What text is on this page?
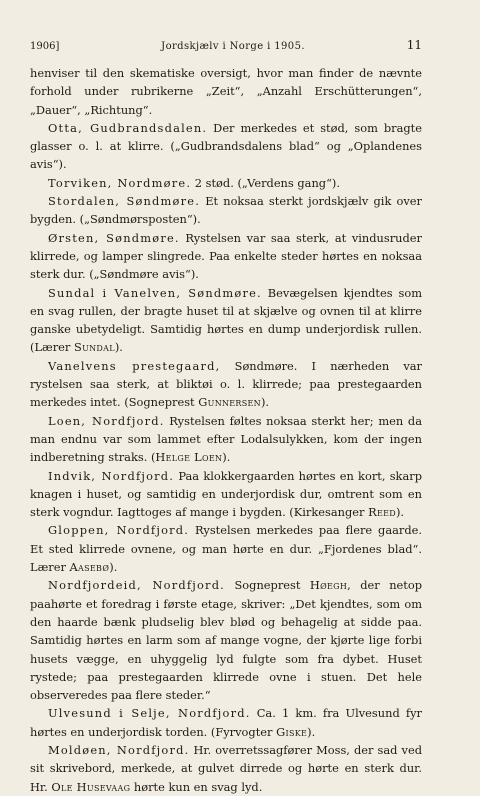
1906]	Jordskjælv i Norge i 1905.	11

henviser til den skematiske oversigt, hvor man finder de nævnte forhold under rubrikerne „Zeit“, „Anzahl Erschütterungen“, „Dauer“, „Richtung“.

Otta, Gudbrandsdalen. Der merkedes et stød, som bragte glasser o. l. at klirre. („Gudbrandsdalens blad“ og „Oplandenes avis“).

Torviken, Nordmøre. 2 stød. („Verdens gang“).

Stordalen, Søndmøre. Et noksaa sterkt jordskjælv gik over bygden. („Søndmørsposten“).

Ørsten, Søndmøre. Rystelsen var saa sterk, at vindusruder klirrede, og lamper slingrede. Paa enkelte steder hørtes en noksaa sterk dur. („Søndmøre avis“).

Sundal i Vanelven, Søndmøre. Bevægelsen kjendtes som en svag rullen, der bragte huset til at skjælve og ovnen til at klirre ganske ubetydeligt. Samtidig hørtes en dump underjordisk rullen. (Lærer Sundal).

Vanelvens prestegaard, Søndmøre. I nærheden var rystelsen saa sterk, at bliktøi o. l. klirrede; paa prestegaarden merkedes intet. (Sogneprest Gunnersen).

Loen, Nordfjord. Rystelsen føltes noksaa sterkt her; men da man endnu var som lammet efter Lodalsulykken, kom der ingen indberetning straks. (Helge Loen).

Indvik, Nordfjord. Paa klokkergaarden hørtes en kort, skarp knagen i huset, og samtidig en underjordisk dur, omtrent som en sterk vogndur. Iagttoges af mange i bygden. (Kirkesanger Reed).

Gloppen, Nordfjord. Rystelsen merkedes paa flere gaarde. Et sted klirrede ovnene, og man hørte en dur. „Fjordenes blad“. Lærer Aasebø).

Nordfjordeid, Nordfjord. Sogneprest Høegh, der netop paahørte et foredrag i første etage, skriver: „Det kjendtes, som om den haarde bænk pludselig blev blød og behagelig at sidde paa. Samtidig hørtes en larm som af mange vogne, der kjørte lige forbi husets vægge, en uhyggelig lyd fulgte som fra dybet. Huset rystede; paa prestegaarden klirrede ovne i stuen. Det hele observeredes paa flere steder.“

Ulvesund i Selje, Nordfjord. Ca. 1 km. fra Ulvesund fyr hørtes en underjordisk torden. (Fyrvogter Giske).

Moldøen, Nordfjord. Hr. overretssagfører Moss, der sad ved sit skrivebord, merkede, at gulvet dirrede og hørte en sterk dur. Hr. Ole Husevaag hørte kun en svag lyd.
